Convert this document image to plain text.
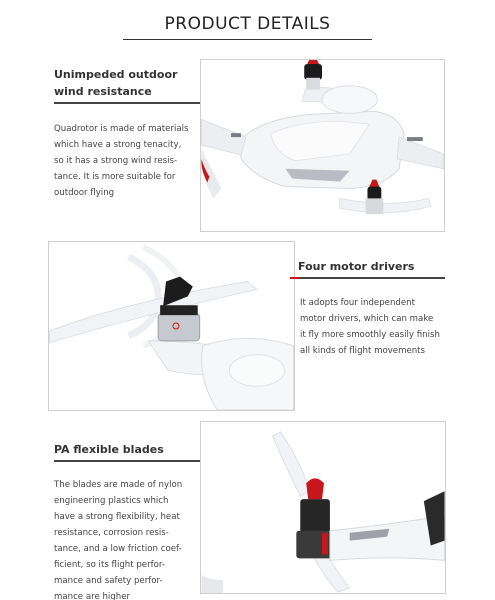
PRODUCT DETAILS
Unimpeded outdoor
wind resistance
Quadrotor is made of materials
which have a strong tenacity,
so it has a strong wind resis-
tance. It is more suitable for
outdoor flying
Four motor drivers
It adopts four independent
motor drivers, which can make
it fly more smoothly easily finish
all kinds of flight movements
PA flexible blades
The blades are made of nylon
engineering plastics which
have a strong flexibility, heat
resistance, corrosion resis-
tance, and a low friction coef-
ficient, so its flight perfor-
mance and safety perfor-
mance are higher
